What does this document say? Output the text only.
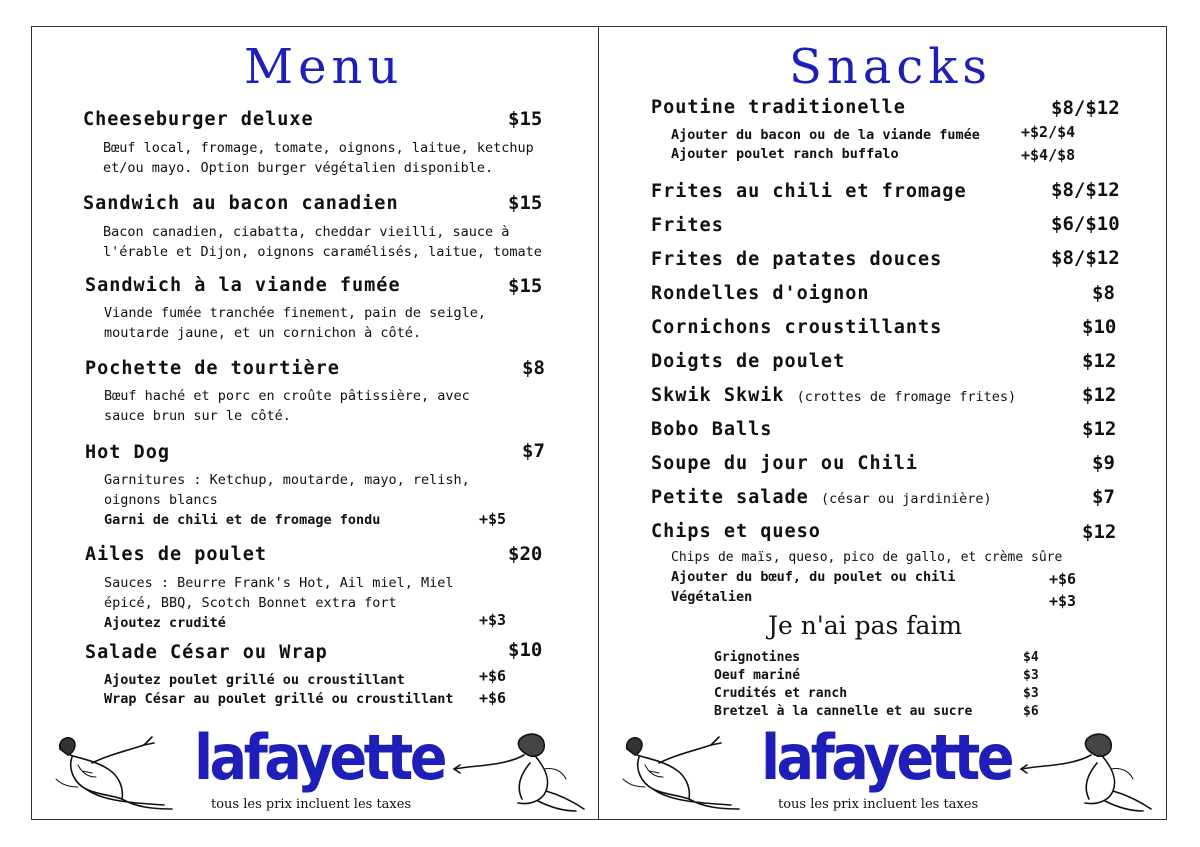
Menu
Cheeseburger deluxe	$15
Bœuf local, fromage, tomate, oignons, laitue, ketchup et/ou mayo. Option burger végétalien disponible.
Sandwich au bacon canadien	$15
Bacon canadien, ciabatta, cheddar vieilli, sauce à l'érable et Dijon, oignons caramélisés, laitue, tomate
Sandwich à la viande fumée	$15
Viande fumée tranchée finement, pain de seigle, moutarde jaune, et un cornichon à côté.
Pochette de tourtière	$8
Bœuf haché et porc en croûte pâtissière, avec sauce brun sur le côté.
Hot Dog	$7
Garnitures : Ketchup, moutarde, mayo, relish, oignons blancs
Garni de chili et de fromage fondu	+$5
Ailes de poulet	$20
Sauces : Beurre Frank's Hot, Ail miel, Miel épicé, BBQ, Scotch Bonnet extra fort
Ajoutez crudité	+$3
Salade César ou Wrap	$10
Ajoutez poulet grillé ou croustillant	+$6
Wrap César au poulet grillé ou croustillant +$6
lafayette
tous les prix incluent les taxes
Snacks
Poutine traditionelle	$8/$12
Ajouter du bacon ou de la viande fumée	+$2/$4
Ajouter poulet ranch buffalo	+$4/$8
Frites au chili et fromage	$8/$12
Frites	$6/$10
Frites de patates douces	$8/$12
Rondelles d'oignon	$8
Cornichons croustillants	$10
Doigts de poulet	$12
Skwik Skwik (crottes de fromage frites)	$12
Bobo Balls	$12
Soupe du jour ou Chili	$9
Petite salade (césar ou jardinière)	$7
Chips et queso	$12
Chips de maïs, queso, pico de gallo, et crème sûre
Ajouter du bœuf, du poulet ou chili	+$6
Végétalien	+$3
Je n'ai pas faim
Grignotines	$4
Oeuf mariné	$3
Crudités et ranch	$3
Bretzel à la cannelle et au sucre	$6
lafayette
tous les prix incluent les taxes
